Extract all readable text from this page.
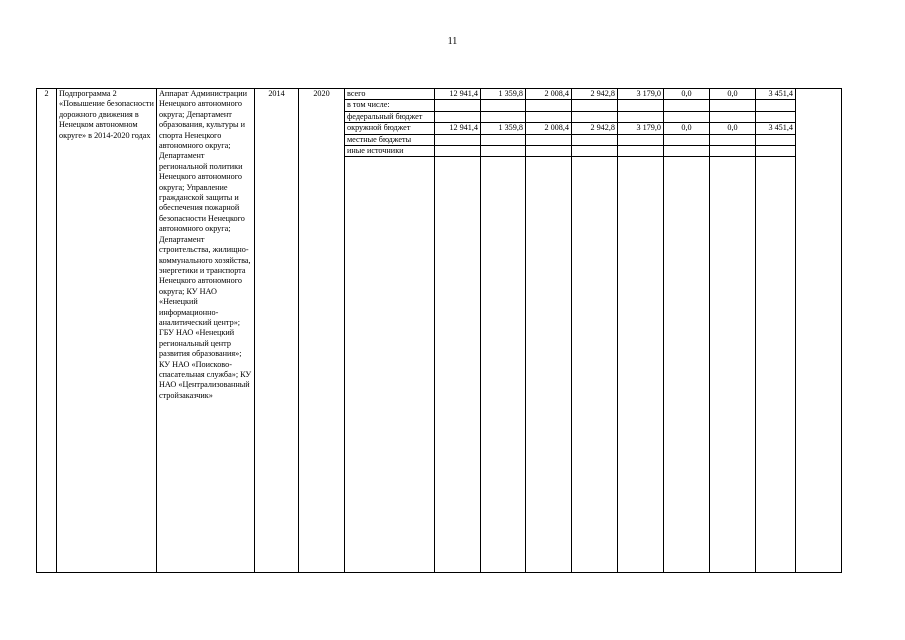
11
2	Подпрограмма 2 «Повышение безопасности дорожного движения в Ненецком автономном округе» в 2014-2020 годах	Аппарат Администрации Ненецкого автономного округа; Департамент образования, культуры и спорта Ненецкого автономного округа; Департамент региональной политики Ненецкого автономного округа; Управление гражданской защиты и обеспечения пожарной безопасности Ненецкого автономного округа; Департамент строительства, жилищно-коммунального хозяйства, энергетики и транспорта Ненецкого автономного округа; КУ НАО «Ненецкий информационно-аналитический центр»; ГБУ НАО «Ненецкий региональный центр развития образования»; КУ НАО «Поисково-спасательная служба»; КУ НАО «Централизованный стройзаказчик»	2014	2020	всего	12 941,4	1 359,8	2 008,4	2 942,8	3 179,0	0,0	0,0	3 451,4	
					в том числе:									
					федеральный бюджет									
					окружной бюджет	12 941,4	1 359,8	2 008,4	2 942,8	3 179,0	0,0	0,0	3 451,4	
					местные бюджеты									
					иные источники									
